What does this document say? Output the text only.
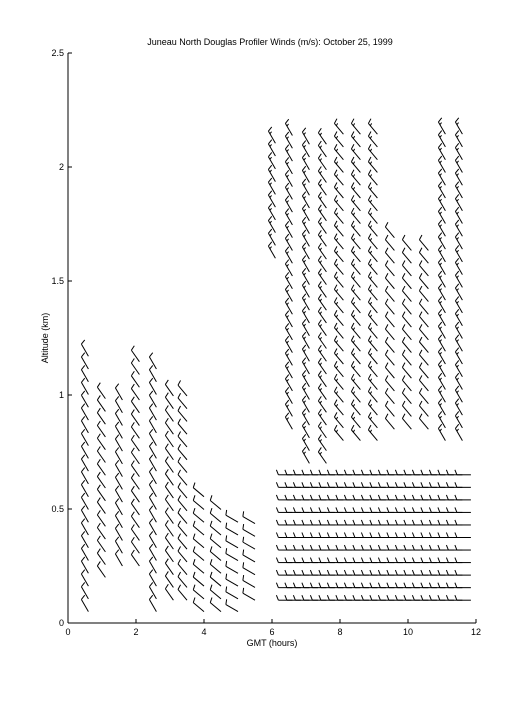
Juneau North Douglas Profiler Winds (m/s): October 25, 1999
0	2	4	6	8	10	12
0
0.5
1
1.5
2
2.5
GMT (hours)
Altitude (km)
